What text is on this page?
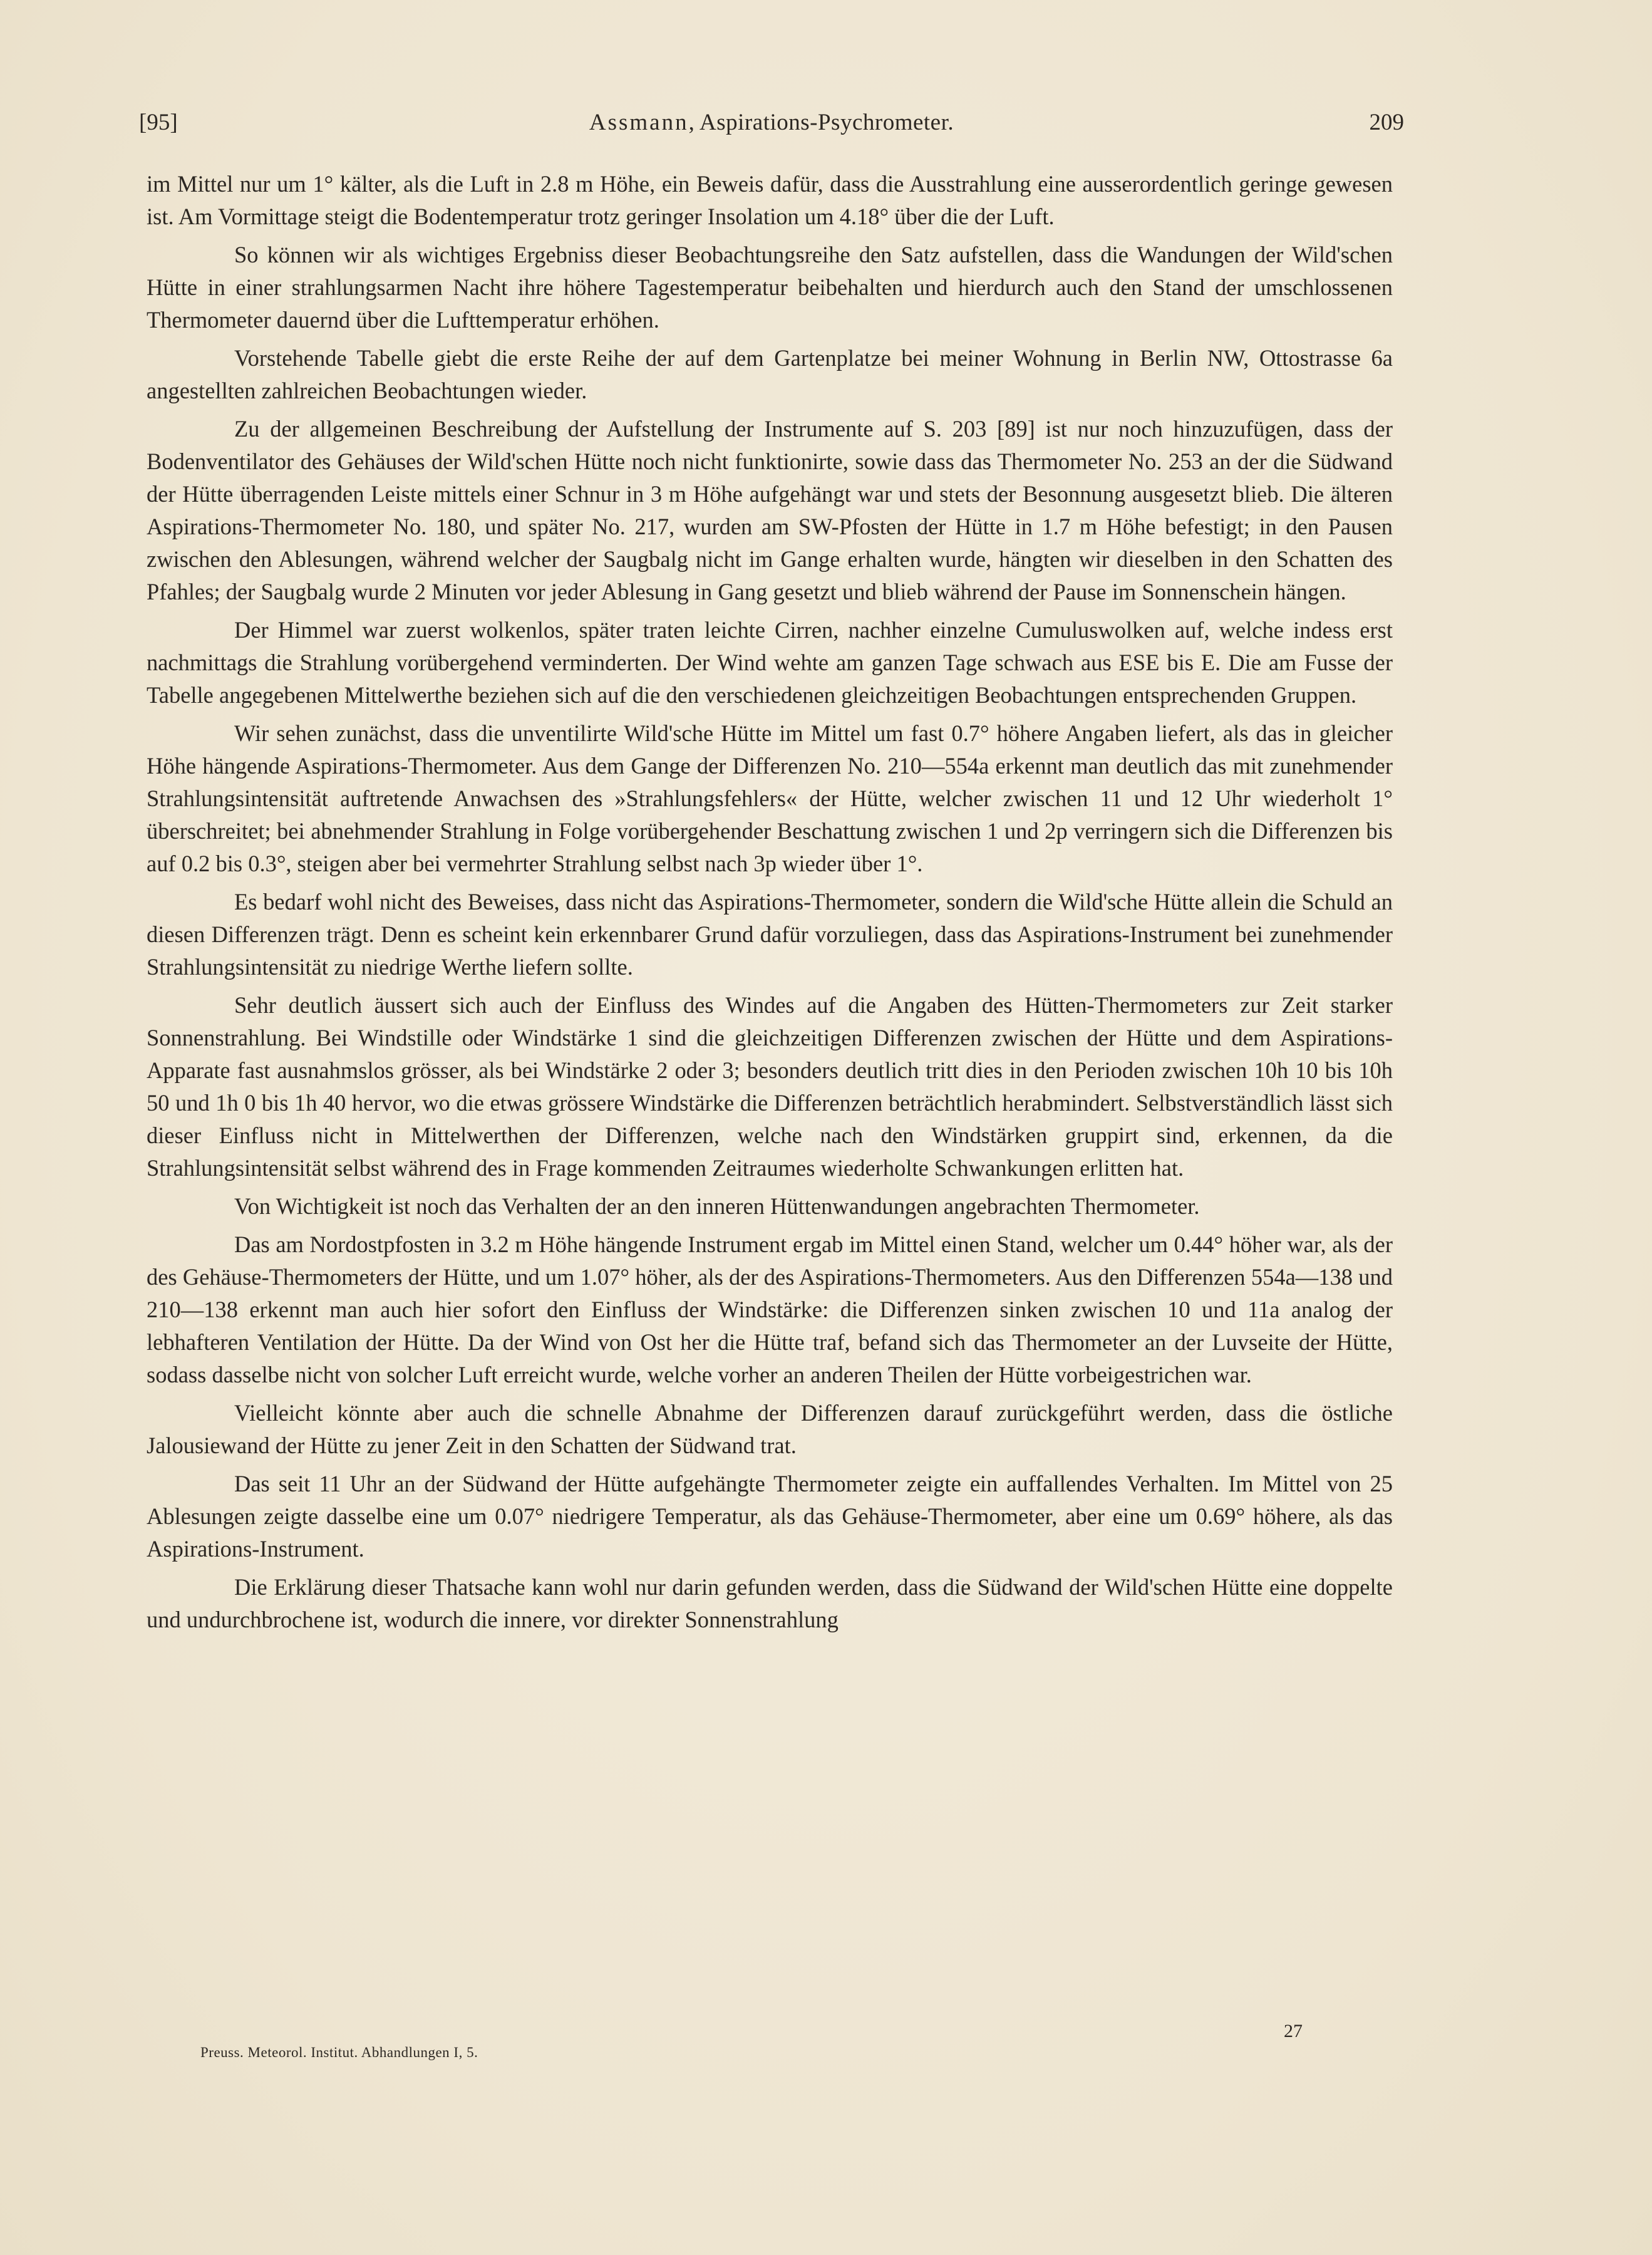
[95]	Assmann, Aspirations-Psychrometer.	209

im Mittel nur um 1° kälter, als die Luft in 2.8 m Höhe, ein Beweis dafür, dass die Ausstrahlung eine ausserordentlich geringe gewesen ist. Am Vormittage steigt die Bodentemperatur trotz geringer Insolation um 4.18° über die der Luft.

So können wir als wichtiges Ergebniss dieser Beobachtungsreihe den Satz aufstellen, dass die Wandungen der Wild'schen Hütte in einer strahlungsarmen Nacht ihre höhere Tagestemperatur beibehalten und hierdurch auch den Stand der umschlossenen Thermometer dauernd über die Lufttemperatur erhöhen.

Vorstehende Tabelle giebt die erste Reihe der auf dem Gartenplatze bei meiner Wohnung in Berlin NW, Ottostrasse 6a angestellten zahlreichen Beobachtungen wieder.

Zu der allgemeinen Beschreibung der Aufstellung der Instrumente auf S. 203 [89] ist nur noch hinzuzufügen, dass der Bodenventilator des Gehäuses der Wild'schen Hütte noch nicht funktionirte, sowie dass das Thermometer No. 253 an der die Südwand der Hütte überragenden Leiste mittels einer Schnur in 3 m Höhe aufgehängt war und stets der Besonnung ausgesetzt blieb. Die älteren Aspirations-Thermometer No. 180, und später No. 217, wurden am SW-Pfosten der Hütte in 1.7 m Höhe befestigt; in den Pausen zwischen den Ablesungen, während welcher der Saugbalg nicht im Gange erhalten wurde, hängten wir dieselben in den Schatten des Pfahles; der Saugbalg wurde 2 Minuten vor jeder Ablesung in Gang gesetzt und blieb während der Pause im Sonnenschein hängen.

Der Himmel war zuerst wolkenlos, später traten leichte Cirren, nachher einzelne Cumuluswolken auf, welche indess erst nachmittags die Strahlung vorübergehend verminderten. Der Wind wehte am ganzen Tage schwach aus ESE bis E. Die am Fusse der Tabelle angegebenen Mittelwerthe beziehen sich auf die den verschiedenen gleichzeitigen Beobachtungen entsprechenden Gruppen.

Wir sehen zunächst, dass die unventilirte Wild'sche Hütte im Mittel um fast 0.7° höhere Angaben liefert, als das in gleicher Höhe hängende Aspirations-Thermometer. Aus dem Gange der Differenzen No. 210—554a erkennt man deutlich das mit zunehmender Strahlungsintensität auftretende Anwachsen des »Strahlungsfehlers« der Hütte, welcher zwischen 11 und 12 Uhr wiederholt 1° überschreitet; bei abnehmender Strahlung in Folge vorübergehender Beschattung zwischen 1 und 2p verringern sich die Differenzen bis auf 0.2 bis 0.3°, steigen aber bei vermehrter Strahlung selbst nach 3p wieder über 1°.

Es bedarf wohl nicht des Beweises, dass nicht das Aspirations-Thermometer, sondern die Wild'sche Hütte allein die Schuld an diesen Differenzen trägt. Denn es scheint kein erkennbarer Grund dafür vorzuliegen, dass das Aspirations-Instrument bei zunehmender Strahlungsintensität zu niedrige Werthe liefern sollte.

Sehr deutlich äussert sich auch der Einfluss des Windes auf die Angaben des Hütten-Thermometers zur Zeit starker Sonnenstrahlung. Bei Windstille oder Windstärke 1 sind die gleichzeitigen Differenzen zwischen der Hütte und dem Aspirations-Apparate fast ausnahmslos grösser, als bei Windstärke 2 oder 3; besonders deutlich tritt dies in den Perioden zwischen 10h 10 bis 10h 50 und 1h 0 bis 1h 40 hervor, wo die etwas grössere Windstärke die Differenzen beträchtlich herabmindert. Selbstverständlich lässt sich dieser Einfluss nicht in Mittelwerthen der Differenzen, welche nach den Windstärken gruppirt sind, erkennen, da die Strahlungsintensität selbst während des in Frage kommenden Zeitraumes wiederholte Schwankungen erlitten hat.

Von Wichtigkeit ist noch das Verhalten der an den inneren Hüttenwandungen angebrachten Thermometer.

Das am Nordostpfosten in 3.2 m Höhe hängende Instrument ergab im Mittel einen Stand, welcher um 0.44° höher war, als der des Gehäuse-Thermometers der Hütte, und um 1.07° höher, als der des Aspirations-Thermometers. Aus den Differenzen 554a—138 und 210—138 erkennt man auch hier sofort den Einfluss der Windstärke: die Differenzen sinken zwischen 10 und 11a analog der lebhafteren Ventilation der Hütte. Da der Wind von Ost her die Hütte traf, befand sich das Thermometer an der Luvseite der Hütte, sodass dasselbe nicht von solcher Luft erreicht wurde, welche vorher an anderen Theilen der Hütte vorbeigestrichen war.

Vielleicht könnte aber auch die schnelle Abnahme der Differenzen darauf zurückgeführt werden, dass die östliche Jalousiewand der Hütte zu jener Zeit in den Schatten der Südwand trat.

Das seit 11 Uhr an der Südwand der Hütte aufgehängte Thermometer zeigte ein auffallendes Verhalten. Im Mittel von 25 Ablesungen zeigte dasselbe eine um 0.07° niedrigere Temperatur, als das Gehäuse-Thermometer, aber eine um 0.69° höhere, als das Aspirations-Instrument.

Die Erklärung dieser Thatsache kann wohl nur darin gefunden werden, dass die Südwand der Wild'schen Hütte eine doppelte und undurchbrochene ist, wodurch die innere, vor direkter Sonnenstrahlung

27
Preuss. Meteorol. Institut. Abhandlungen I, 5.
